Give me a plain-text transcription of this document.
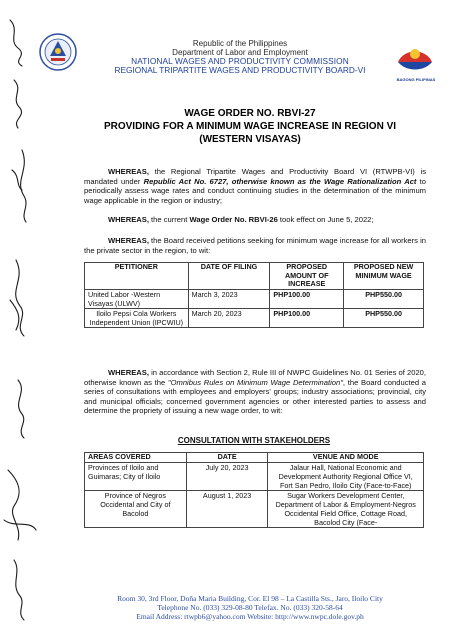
Republic of the Philippines
Department of Labor and Employment
NATIONAL WAGES AND PRODUCTIVITY COMMISSION
REGIONAL TRIPARTITE WAGES AND PRODUCTIVITY BOARD-VI
BAGONG PILIPINAS
WAGE ORDER NO. RBVI-27
PROVIDING FOR A MINIMUM WAGE INCREASE IN REGION VI
(WESTERN VISAYAS)
WHEREAS, the Regional Tripartite Wages and Productivity Board VI (RTWPB-VI) is mandated under Republic Act No. 6727, otherwise known as the Wage Rationalization Act to periodically assess wage rates and conduct continuing studies in the determination of the minimum wage applicable in the region or industry;
WHEREAS, the current Wage Order No. RBVI-26 took effect on June 5, 2022;
WHEREAS, the Board received petitions seeking for minimum wage increase for all workers in the private sector in the region, to wit:
PETITIONER	DATE OF FILING	PROPOSED AMOUNT OF INCREASE	PROPOSED NEW MINIMUM WAGE
United Labor -Western Visayas (ULWV)	March 3, 2023	PHP100.00	PHP550.00
Iloilo Pepsi Cola Workers Independent Union (IPCWIU)	March 20, 2023	PHP100.00	PHP550.00
WHEREAS, in accordance with Section 2, Rule III of NWPC Guidelines No. 01 Series of 2020, otherwise known as the "Omnibus Rules on Minimum Wage Determination", the Board conducted a series of consultations with employees and employers' groups; industry associations; provincial, city and municipal officials; concerned government agencies or other interested parties to assess and determine the propriety of issuing a new wage order, to wit:
CONSULTATION WITH STAKEHOLDERS
AREAS COVERED	DATE	VENUE AND MODE
Provinces of Iloilo and Guimaras; City of Iloilo	July 20, 2023	Jalaur Hall, National Economic and Development Authority Regional Office VI, Fort San Pedro, Iloilo City (Face-to-Face)
Province of Negros Occidental and City of Bacolod	August 1, 2023	Sugar Workers Development Center, Department of Labor & Employment-Negros Occidental Field Office, Cottage Road, Bacolod City (Face-
Room 30, 3rd Floor, Doña Maria Building, Cor. El 98 – La Castilla Sts., Jaro, Iloilo City
Telephone No. (033) 329-08-80 Telefax. No. (033) 320-58-64
Email Address: rtwpb6@yahoo.com Website: http://www.nwpc.dole.gov.ph
